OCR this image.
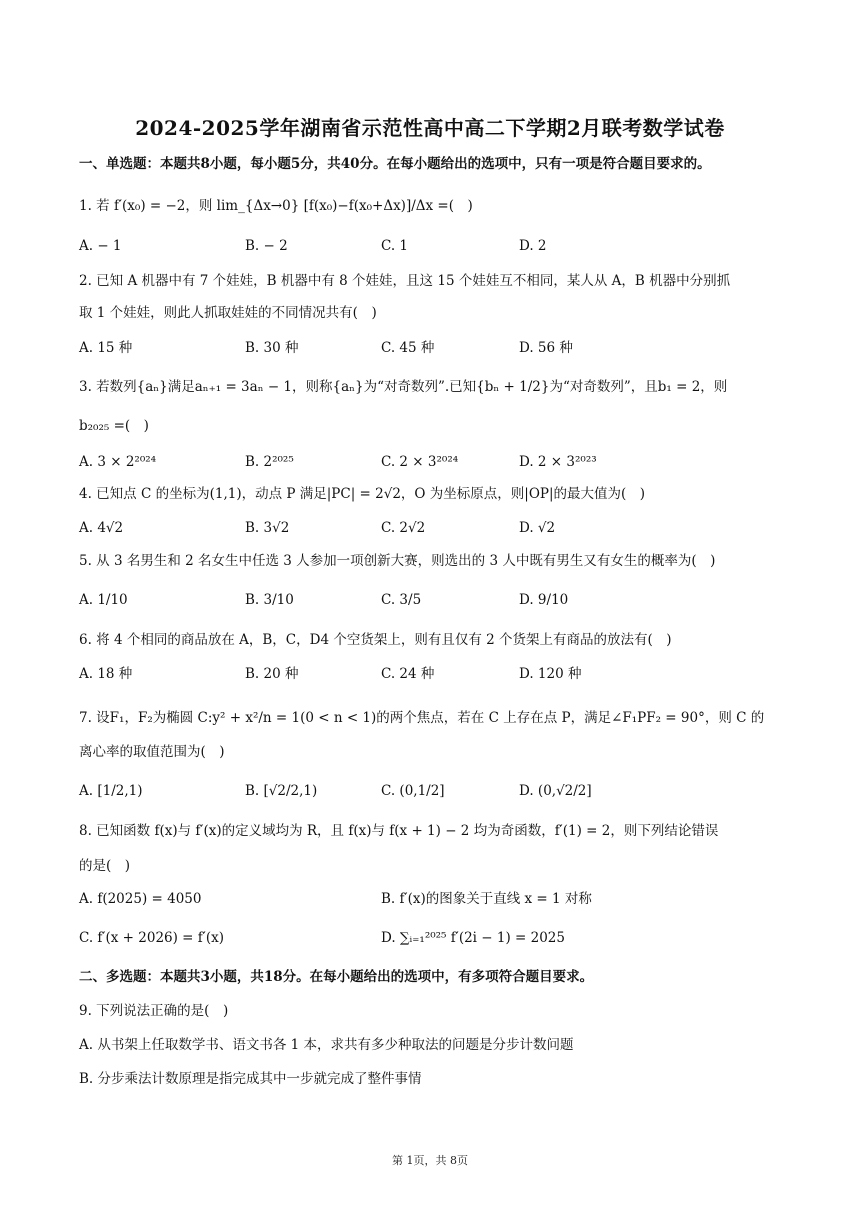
2024-2025学年湖南省示范性高中高二下学期2月联考数学试卷
一、单选题：本题共8小题，每小题5分，共40分。在每小题给出的选项中，只有一项是符合题目要求的。
1. 若 f′(x₀) = −2，则 lim_{Δx→0} [f(x₀)−f(x₀+Δx)]/Δx =(　)
A. − 1	B. − 2	C. 1	D. 2
2. 已知 A 机器中有 7 个娃娃，B 机器中有 8 个娃娃，且这 15 个娃娃互不相同，某人从 A，B 机器中分别抓
取 1 个娃娃，则此人抓取娃娃的不同情况共有(　)
A. 15 种	B. 30 种	C. 45 种	D. 56 种
3. 若数列{aₙ}满足aₙ₊₁ = 3aₙ − 1，则称{aₙ}为“对奇数列”.已知{bₙ + 1/2}为“对奇数列”，且b₁ = 2，则
b₂₀₂₅ =(　)
A. 3 × 2²⁰²⁴	B. 2²⁰²⁵	C. 2 × 3²⁰²⁴	D. 2 × 3²⁰²³
4. 已知点 C 的坐标为(1,1)，动点 P 满足|PC| = 2√2，O 为坐标原点，则|OP|的最大值为(　)
A. 4√2	B. 3√2	C. 2√2	D. √2
5. 从 3 名男生和 2 名女生中任选 3 人参加一项创新大赛，则选出的 3 人中既有男生又有女生的概率为(　)
A. 1/10	B. 3/10	C. 3/5	D. 9/10
6. 将 4 个相同的商品放在 A，B，C，D4 个空货架上，则有且仅有 2 个货架上有商品的放法有(　)
A. 18 种	B. 20 种	C. 24 种	D. 120 种
7. 设F₁，F₂为椭圆 C:y² + x²/n = 1(0 < n < 1)的两个焦点，若在 C 上存在点 P，满足∠F₁PF₂ = 90°，则 C 的
离心率的取值范围为(　)
A. [1/2,1)	B. [√2/2,1)	C. (0,1/2]	D. (0,√2/2]
8. 已知函数 f(x)与 f′(x)的定义域均为 R，且 f(x)与 f(x + 1) − 2 均为奇函数，f′(1) = 2，则下列结论错误
的是(　)
A. f(2025) = 4050	B. f′(x)的图象关于直线 x = 1 对称
C. f′(x + 2026) = f′(x)	D. ∑ᵢ₌₁²⁰²⁵ f′(2i − 1) = 2025
二、多选题：本题共3小题，共18分。在每小题给出的选项中，有多项符合题目要求。
9. 下列说法正确的是(　)
A. 从书架上任取数学书、语文书各 1 本，求共有多少种取法的问题是分步计数问题
B. 分步乘法计数原理是指完成其中一步就完成了整件事情
第 1页，共 8页
